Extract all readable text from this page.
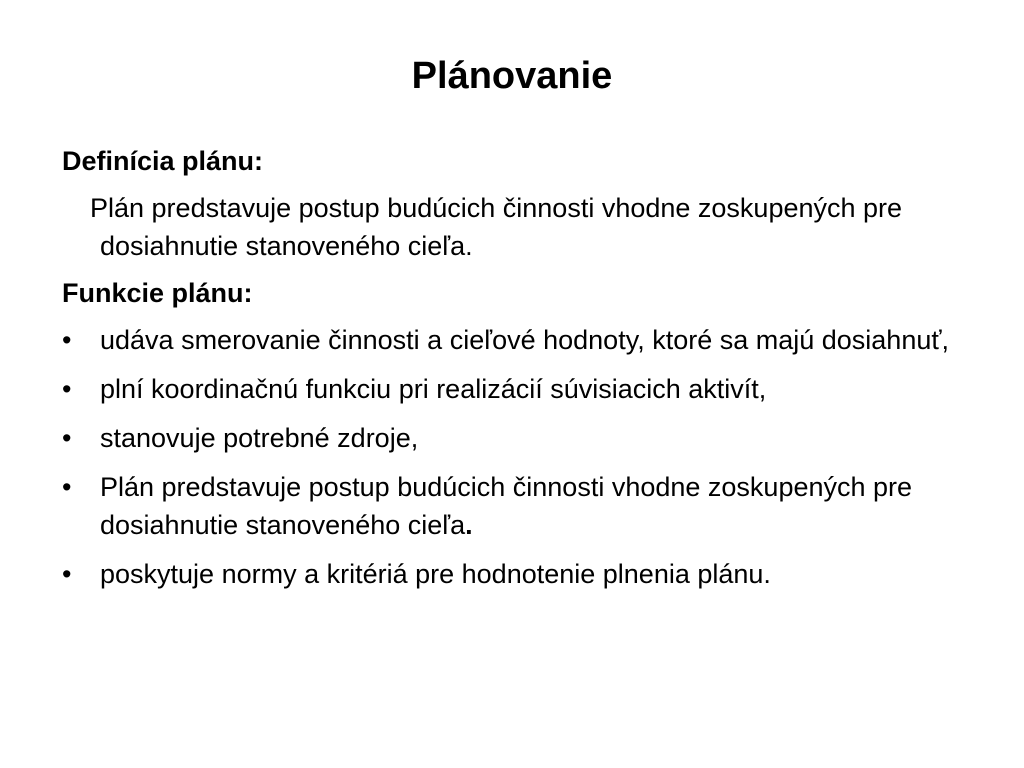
Plánovanie
Definícia plánu:
Plán predstavuje postup budúcich činnosti vhodne zoskupených pre dosiahnutie stanoveného cieľa.
Funkcie plánu:
•	udáva smerovanie činnosti a cieľové hodnoty, ktoré sa majú dosiahnuť,
•	plní koordinačnú funkciu pri realizácií súvisiacich aktivít,
•	stanovuje potrebné zdroje,
•	Plán predstavuje postup budúcich činnosti vhodne zoskupených pre dosiahnutie stanoveného cieľa.
•	poskytuje normy a kritériá pre hodnotenie plnenia plánu.
